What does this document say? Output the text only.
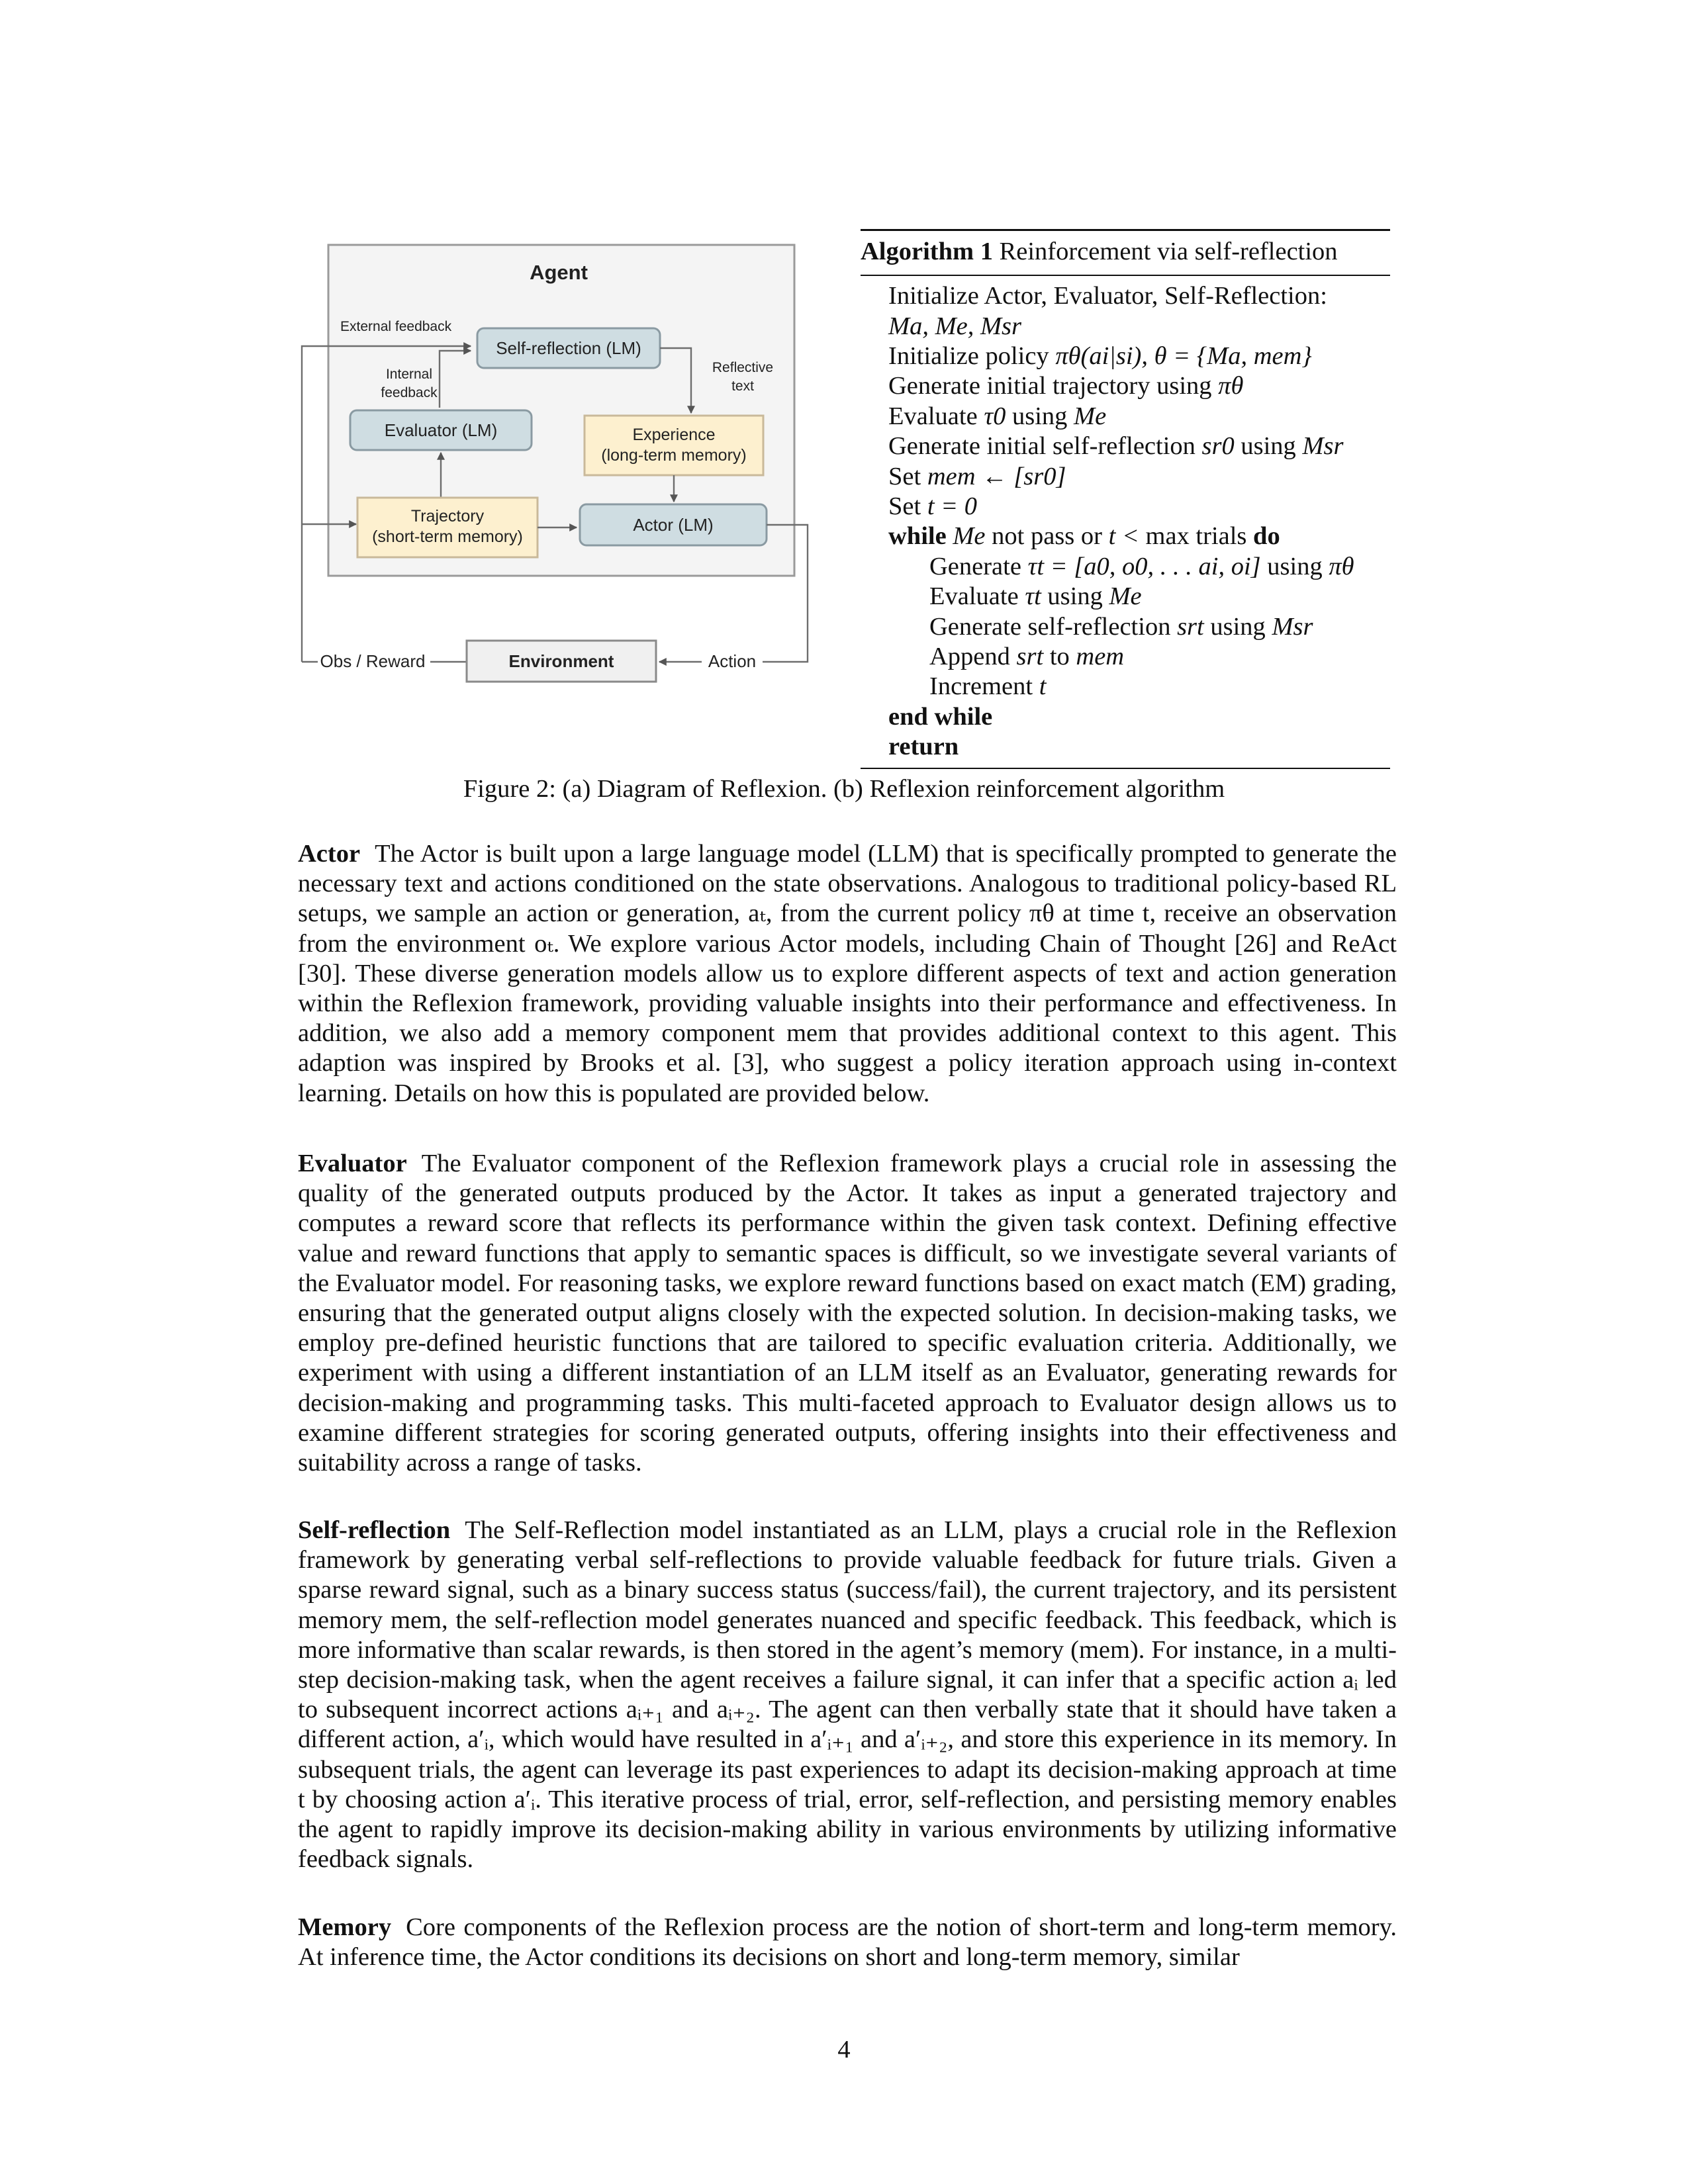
Agent
External feedback
Self-reflection (LM)
Internal
feedback
Reflective
text
Evaluator (LM)	Experience
(long-term memory)
Trajectory
(short-term memory)
Actor (LM)
Action
Obs / Reward	Environment
Algorithm 1 Reinforcement via self-reflection
Initialize Actor, Evaluator, Self-Reflection:
Ma, Me, Msr
Initialize policy πθ(ai|si), θ = {Ma, mem}
Generate initial trajectory using πθ
Evaluate τ0 using Me
Generate initial self-reflection sr0 using Msr
Set mem ← [sr0]
Set t = 0
while Me not pass or t < max trials do
Generate τt = [a0, o0, . . . ai, oi] using πθ
Evaluate τt using Me
Generate self-reflection srt using Msr
Append srt to mem
Increment t
end while
return
Figure 2: (a) Diagram of Reflexion. (b) Reflexion reinforcement algorithm
Actor The Actor is built upon a large language model (LLM) that is specifically prompted to generate the necessary text and actions conditioned on the state observations. Analogous to traditional policy-based RL setups, we sample an action or generation, aₜ, from the current policy πθ at time t, receive an observation from the environment oₜ. We explore various Actor models, including Chain of Thought [26] and ReAct [30]. These diverse generation models allow us to explore different aspects of text and action generation within the Reflexion framework, providing valuable insights into their performance and effectiveness. In addition, we also add a memory component mem that provides additional context to this agent. This adaption was inspired by Brooks et al. [3], who suggest a policy iteration approach using in-context learning. Details on how this is populated are provided below.
Evaluator The Evaluator component of the Reflexion framework plays a crucial role in assessing the quality of the generated outputs produced by the Actor. It takes as input a generated trajectory and computes a reward score that reflects its performance within the given task context. Defining effective value and reward functions that apply to semantic spaces is difficult, so we investigate several variants of the Evaluator model. For reasoning tasks, we explore reward functions based on exact match (EM) grading, ensuring that the generated output aligns closely with the expected solution. In decision-making tasks, we employ pre-defined heuristic functions that are tailored to specific evaluation criteria. Additionally, we experiment with using a different instantiation of an LLM itself as an Evaluator, generating rewards for decision-making and programming tasks. This multi-faceted approach to Evaluator design allows us to examine different strategies for scoring generated outputs, offering insights into their effectiveness and suitability across a range of tasks.
Self-reflection The Self-Reflection model instantiated as an LLM, plays a crucial role in the Reflexion framework by generating verbal self-reflections to provide valuable feedback for future trials. Given a sparse reward signal, such as a binary success status (success/fail), the current trajectory, and its persistent memory mem, the self-reflection model generates nuanced and specific feedback. This feedback, which is more informative than scalar rewards, is then stored in the agent’s memory (mem). For instance, in a multi-step decision-making task, when the agent receives a failure signal, it can infer that a specific action aᵢ led to subsequent incorrect actions aᵢ₊₁ and aᵢ₊₂. The agent can then verbally state that it should have taken a different action, a′ᵢ, which would have resulted in a′ᵢ₊₁ and a′ᵢ₊₂, and store this experience in its memory. In subsequent trials, the agent can leverage its past experiences to adapt its decision-making approach at time t by choosing action a′ᵢ. This iterative process of trial, error, self-reflection, and persisting memory enables the agent to rapidly improve its decision-making ability in various environments by utilizing informative feedback signals.
Memory Core components of the Reflexion process are the notion of short-term and long-term memory. At inference time, the Actor conditions its decisions on short and long-term memory, similar
4
